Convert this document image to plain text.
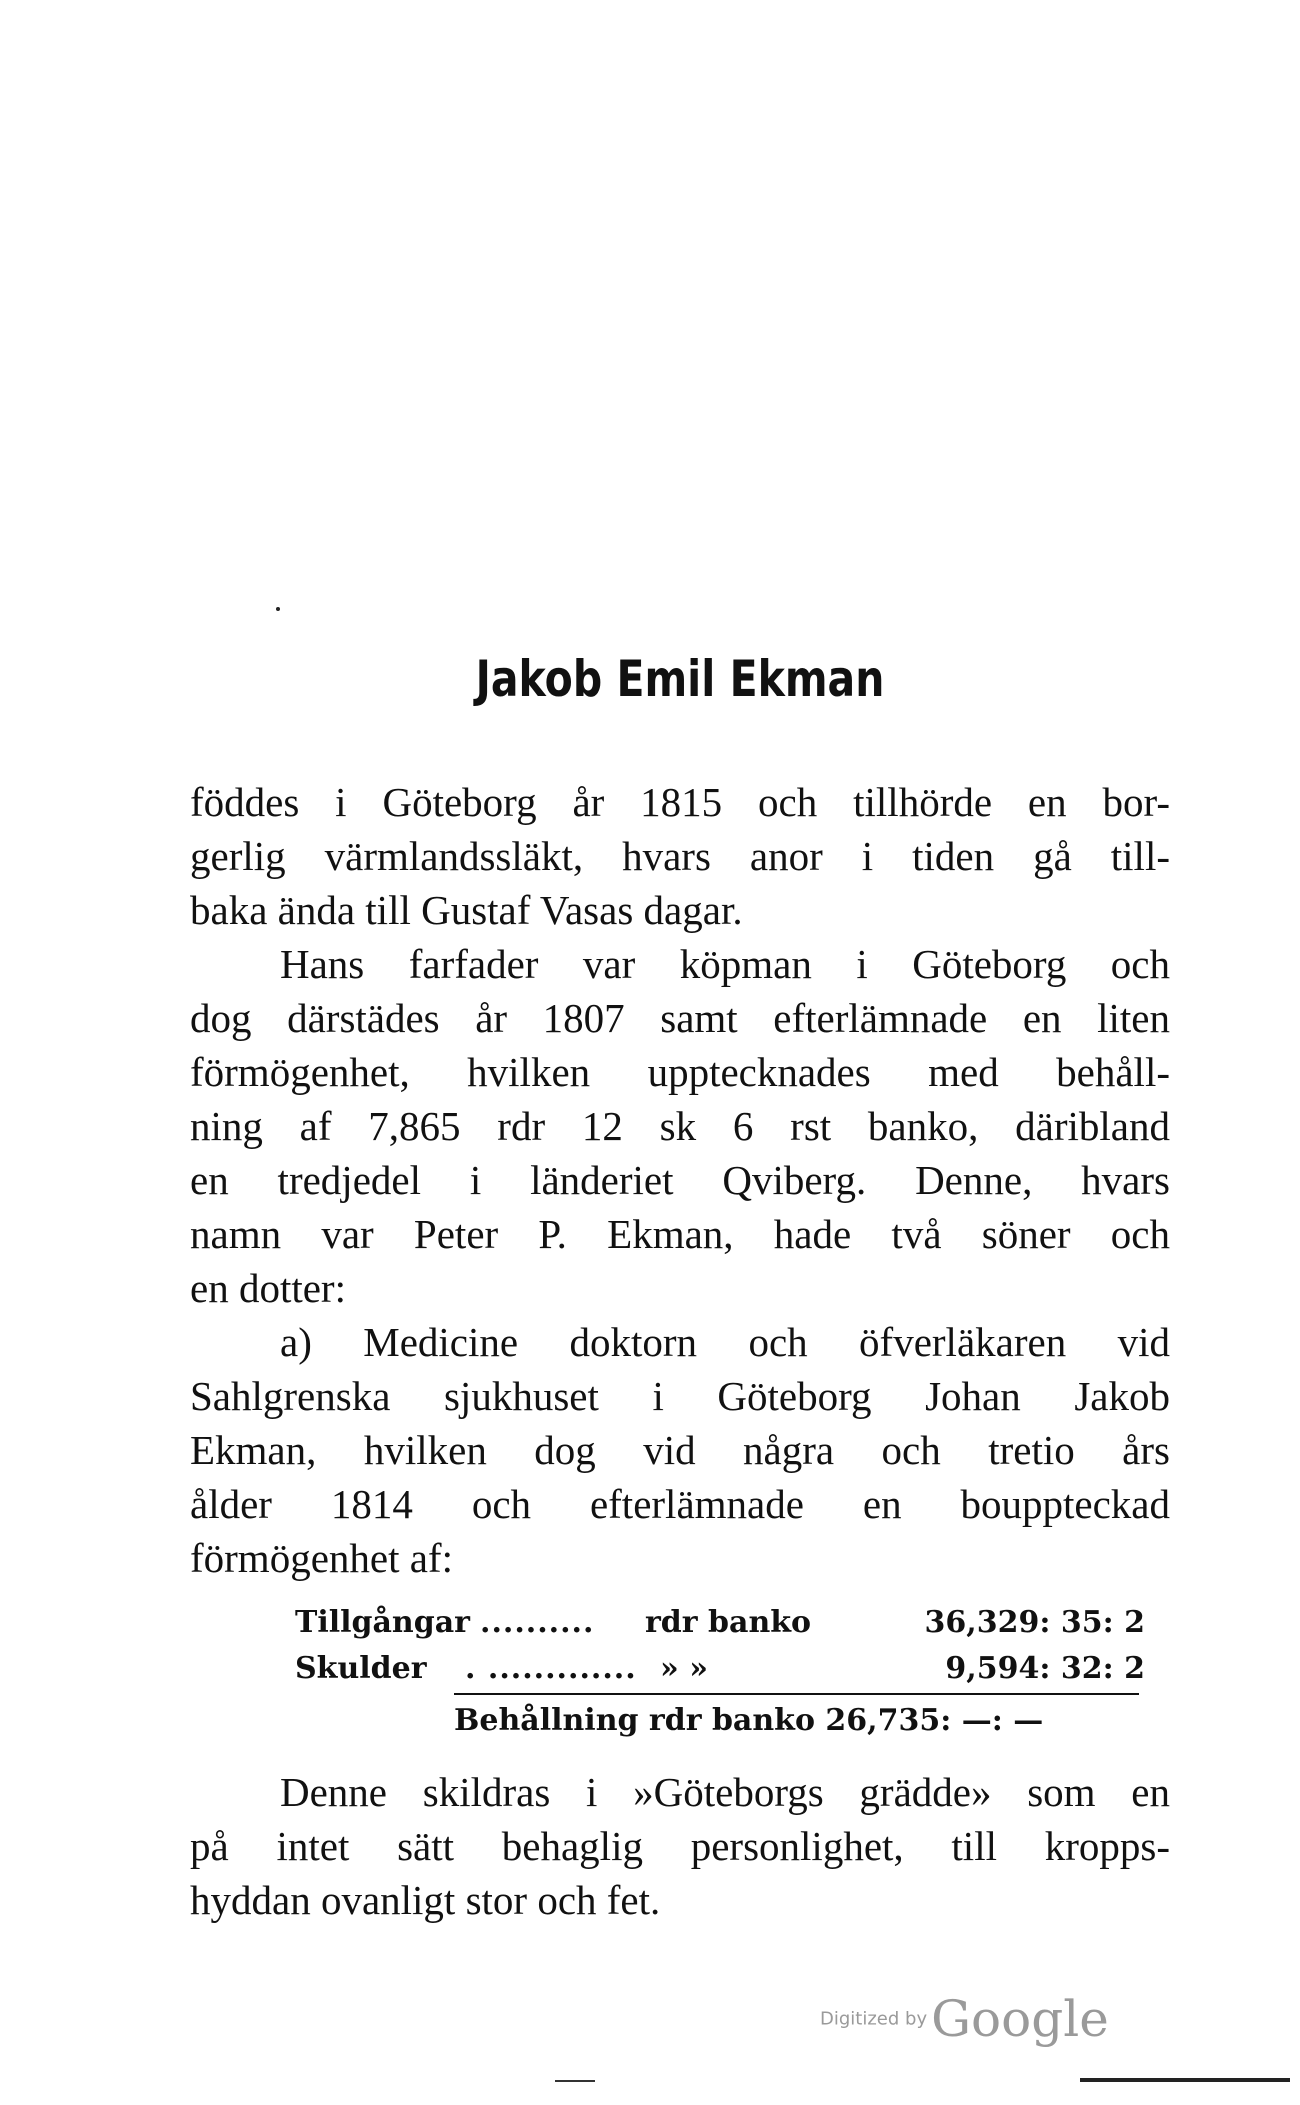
Jakob Emil Ekman
föddes i Göteborg år 1815 och tillhörde en bor-
gerlig värmlandssläkt, hvars anor i tiden gå till-
baka ända till Gustaf Vasas dagar.
Hans farfader var köpman i Göteborg och
dog därstädes år 1807 samt efterlämnade en liten
förmögenhet, hvilken upptecknades med behåll-
ning af 7,865 rdr 12 sk 6 rst banko, däribland
en tredjedel i länderiet Qviberg. Denne, hvars
namn var Peter P. Ekman, hade två söner och
en dotter:
a) Medicine doktorn och öfverläkaren vid
Sahlgrenska sjukhuset i Göteborg Johan Jakob
Ekman, hvilken dog vid några och tretio års
ålder 1814 och efterlämnade en bouppteckad
förmögenhet af:
Tillgångar .......... rdr banko	36,329: 35: 2
Skulder . ............. » »	9,594: 32: 2
Behållning rdr banko 26,735: —: —
Denne skildras i »Göteborgs grädde» som en
på intet sätt behaglig personlighet, till kropps-
hyddan ovanligt stor och fet.
Digitized byGoogle
